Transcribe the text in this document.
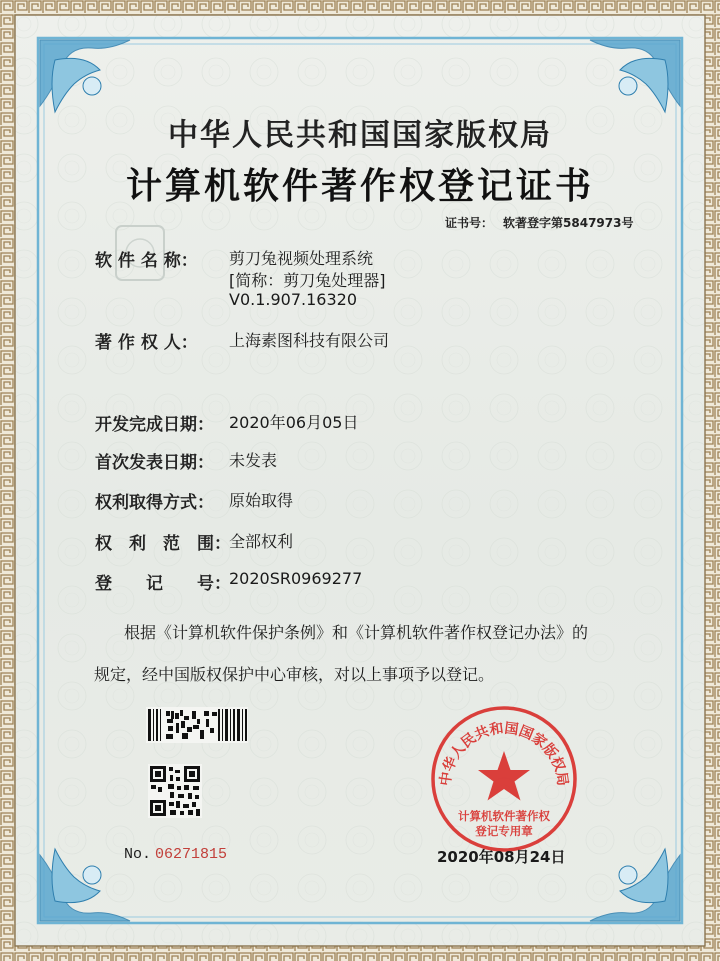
中华人民共和国国家版权局
计算机软件著作权登记证书
证书号： 软著登字第5847973号
软 件 名 称： 剪刀兔视频处理系统
[简称：剪刀兔处理器]
V0.1.907.16320
著 作 权 人： 上海素图科技有限公司
开发完成日期： 2020年06月05日
首次发表日期： 未发表
权利取得方式： 原始取得
权　利　范　围：
全部权利
登　　记　　号：
2020SR0969277
根据《计算机软件保护条例》和《计算机软件著作权登记办法》的
规定，经中国版权保护中心审核，对以上事项予以登记。
中华人民共和国国家版权局
计算机软件著作权
登记专用章
No. 06271815	2020年08月24日
